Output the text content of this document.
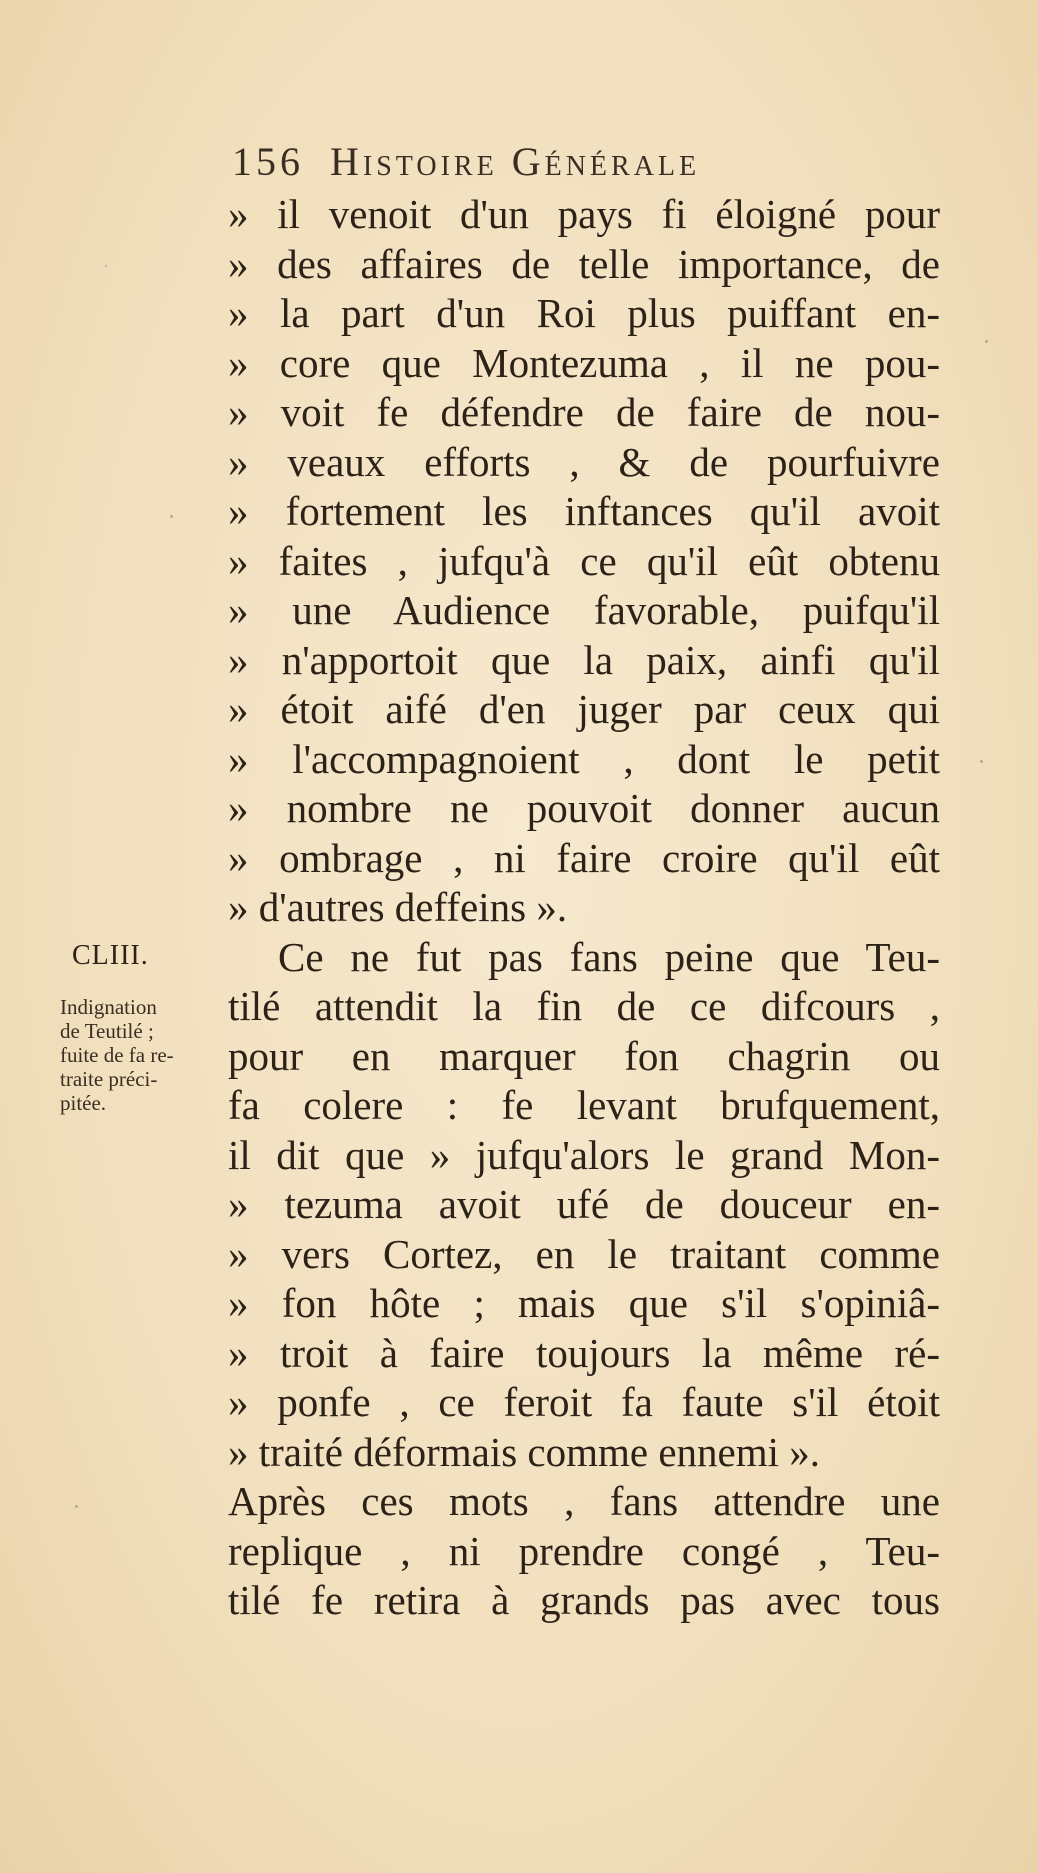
156 Histoire Générale
CLIII.
Indignation
de Teutilé ;
fuite de fa re-
traite préci-
pitée.
» il venoit d'un pays fi éloigné pour
» des affaires de telle importance, de
» la part d'un Roi plus puiffant en-
» core que Montezuma , il ne pou-
» voit fe défendre de faire de nou-
» veaux efforts , & de pourfuivre
» fortement les inftances qu'il avoit
» faites , jufqu'à ce qu'il eût obtenu
» une Audience favorable, puifqu'il
» n'apportoit que la paix, ainfi qu'il
» étoit aifé d'en juger par ceux qui
» l'accompagnoient , dont le petit
» nombre ne pouvoit donner aucun
» ombrage , ni faire croire qu'il eût
» d'autres deffeins ».
Ce ne fut pas fans peine que Teu-
tilé attendit la fin de ce difcours ,
pour en marquer fon chagrin ou
fa colere : fe levant brufquement,
il dit que » jufqu'alors le grand Mon-
» tezuma avoit ufé de douceur en-
» vers Cortez, en le traitant comme
» fon hôte ; mais que s'il s'opiniâ-
» troit à faire toujours la même ré-
» ponfe , ce feroit fa faute s'il étoit
» traité déformais comme ennemi ».
Après ces mots , fans attendre une
replique , ni prendre congé , Teu-
tilé fe retira à grands pas avec tous
